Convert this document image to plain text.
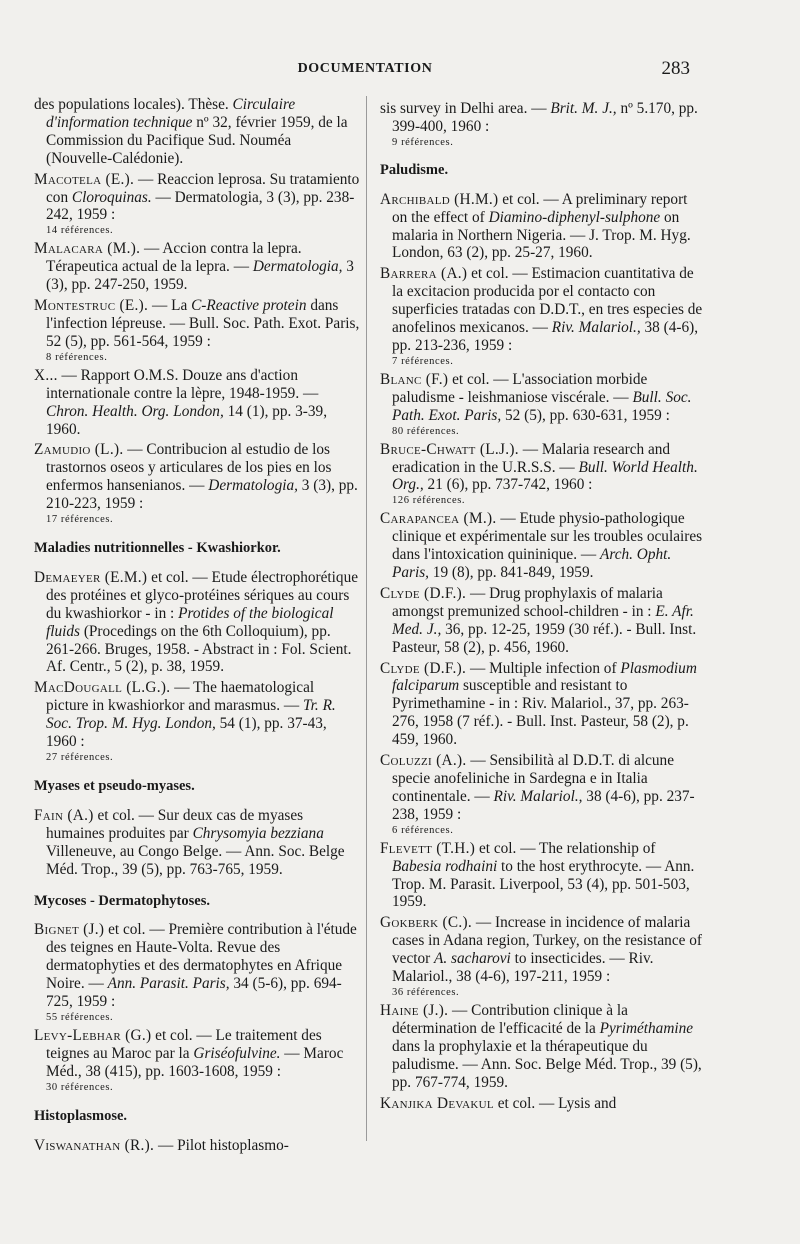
DOCUMENTATION	283

des populations locales). Thèse. Circulaire d'information technique nº 32, février 1959, de la Commission du Pacifique Sud. Nouméa (Nouvelle-Calédonie).

Macotela (E.). — Reaccion leprosa. Su tratamiento con Cloroquinas. — Dermatologia, 3 (3), pp. 238-242, 1959 :
14 références.

Malacara (M.). — Accion contra la lepra. Térapeutica actual de la lepra. — Dermatologia, 3 (3), pp. 247-250, 1959.

Montestruc (E.). — La C-Reactive protein dans l'infection lépreuse. — Bull. Soc. Path. Exot. Paris, 52 (5), pp. 561-564, 1959 :
8 références.

X... — Rapport O.M.S. Douze ans d'action internationale contre la lèpre, 1948-1959. — Chron. Health. Org. London, 14 (1), pp. 3-39, 1960.

Zamudio (L.). — Contribucion al estudio de los trastornos oseos y articulares de los pies en los enfermos hansenianos. — Dermatologia, 3 (3), pp. 210-223, 1959 :
17 références.

Maladies nutritionnelles - Kwashiorkor.

Demaeyer (E.M.) et col. — Etude électrophorétique des protéines et glyco-protéines sériques au cours du kwashiorkor - in : Protides of the biological fluids (Procedings on the 6th Colloquium), pp. 261-266. Bruges, 1958. - Abstract in : Fol. Scient. Af. Centr., 5 (2), p. 38, 1959.

MacDougall (L.G.). — The haematological picture in kwashiorkor and marasmus. — Tr. R. Soc. Trop. M. Hyg. London, 54 (1), pp. 37-43, 1960 :
27 références.

Myases et pseudo-myases.

Fain (A.) et col. — Sur deux cas de myases humaines produites par Chrysomyia bezziana Villeneuve, au Congo Belge. — Ann. Soc. Belge Méd. Trop., 39 (5), pp. 763-765, 1959.

Mycoses - Dermatophytoses.

Bignet (J.) et col. — Première contribution à l'étude des teignes en Haute-Volta. Revue des dermatophyties et des dermatophytes en Afrique Noire. — Ann. Parasit. Paris, 34 (5-6), pp. 694-725, 1959 :
55 références.

Levy-Lebhar (G.) et col. — Le traitement des teignes au Maroc par la Griséofulvine. — Maroc Méd., 38 (415), pp. 1603-1608, 1959 :
30 références.

Histoplasmose.

Viswanathan (R.). — Pilot histoplasmo-

sis survey in Delhi area. — Brit. M. J., nº 5.170, pp. 399-400, 1960 :
9 références.

Paludisme.

Archibald (H.M.) et col. — A preliminary report on the effect of Diamino-diphenyl-sulphone on malaria in Northern Nigeria. — J. Trop. M. Hyg. London, 63 (2), pp. 25-27, 1960.

Barrera (A.) et col. — Estimacion cuantitativa de la excitacion producida por el contacto con superficies tratadas con D.D.T., en tres especies de anofelinos mexicanos. — Riv. Malariol., 38 (4-6), pp. 213-236, 1959 :
7 références.

Blanc (F.) et col. — L'association morbide paludisme - leishmaniose viscérale. — Bull. Soc. Path. Exot. Paris, 52 (5), pp. 630-631, 1959 :
80 références.

Bruce-Chwatt (L.J.). — Malaria research and eradication in the U.R.S.S. — Bull. World Health. Org., 21 (6), pp. 737-742, 1960 :
126 références.

Carapancea (M.). — Etude physio-pathologique clinique et expérimentale sur les troubles oculaires dans l'intoxication quininique. — Arch. Opht. Paris, 19 (8), pp. 841-849, 1959.

Clyde (D.F.). — Drug prophylaxis of malaria amongst premunized school-children - in : E. Afr. Med. J., 36, pp. 12-25, 1959 (30 réf.). - Bull. Inst. Pasteur, 58 (2), p. 456, 1960.

Clyde (D.F.). — Multiple infection of Plasmodium falciparum susceptible and resistant to Pyrimethamine - in : Riv. Malariol., 37, pp. 263-276, 1958 (7 réf.). - Bull. Inst. Pasteur, 58 (2), p. 459, 1960.

Coluzzi (A.). — Sensibilità al D.D.T. di alcune specie anofeliniche in Sardegna e in Italia continentale. — Riv. Malariol., 38 (4-6), pp. 237-238, 1959 :
6 références.

Flevett (T.H.) et col. — The relationship of Babesia rodhaini to the host erythrocyte. — Ann. Trop. M. Parasit. Liverpool, 53 (4), pp. 501-503, 1959.

Gokberk (C.). — Increase in incidence of malaria cases in Adana region, Turkey, on the resistance of vector A. sacharovi to insecticides. — Riv. Malariol., 38 (4-6), 197-211, 1959 :
36 références.

Haine (J.). — Contribution clinique à la détermination de l'efficacité de la Pyriméthamine dans la prophylaxie et la thérapeutique du paludisme. — Ann. Soc. Belge Méd. Trop., 39 (5), pp. 767-774, 1959.

Kanjika Devakul et col. — Lysis and
